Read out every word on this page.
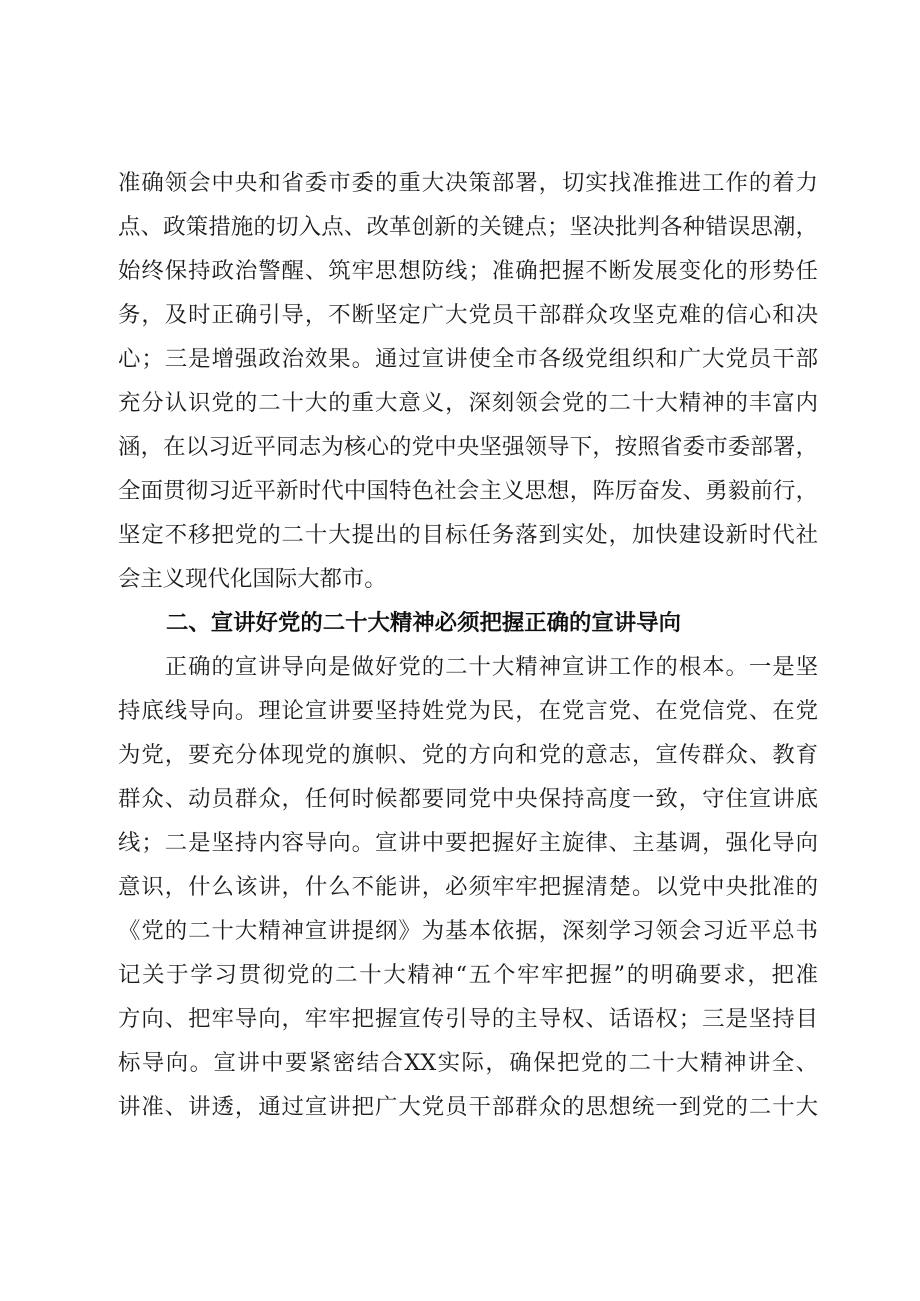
准确领会中央和省委市委的重大决策部署，切实找准推进工作的着力
点、政策措施的切入点、改革创新的关键点；坚决批判各种错误思潮，
始终保持政治警醒、筑牢思想防线；准确把握不断发展变化的形势任
务，及时正确引导，不断坚定广大党员干部群众攻坚克难的信心和决
心；三是增强政治效果。通过宣讲使全市各级党组织和广大党员干部
充分认识党的二十大的重大意义，深刻领会党的二十大精神的丰富内
涵，在以习近平同志为核心的党中央坚强领导下，按照省委市委部署，
全面贯彻习近平新时代中国特色社会主义思想，阵厉奋发、勇毅前行，
坚定不移把党的二十大提出的目标任务落到实处，加快建设新时代社
会主义现代化国际大都市。
二、宣讲好党的二十大精神必须把握正确的宣讲导向
　　正确的宣讲导向是做好党的二十大精神宣讲工作的根本。一是坚
持底线导向。理论宣讲要坚持姓党为民，在党言党、在党信党、在党
为党，要充分体现党的旗帜、党的方向和党的意志，宣传群众、教育
群众、动员群众，任何时候都要同党中央保持高度一致，守住宣讲底
线；二是坚持内容导向。宣讲中要把握好主旋律、主基调，强化导向
意识，什么该讲，什么不能讲，必须牢牢把握清楚。以党中央批准的
《党的二十大精神宣讲提纲》为基本依据，深刻学习领会习近平总书
记关于学习贯彻党的二十大精神“五个牢牢把握”的明确要求，把准
方向、把牢导向，牢牢把握宣传引导的主导权、话语权；三是坚持目
标导向。宣讲中要紧密结合XX实际，确保把党的二十大精神讲全、
讲准、讲透，通过宣讲把广大党员干部群众的思想统一到党的二十大
